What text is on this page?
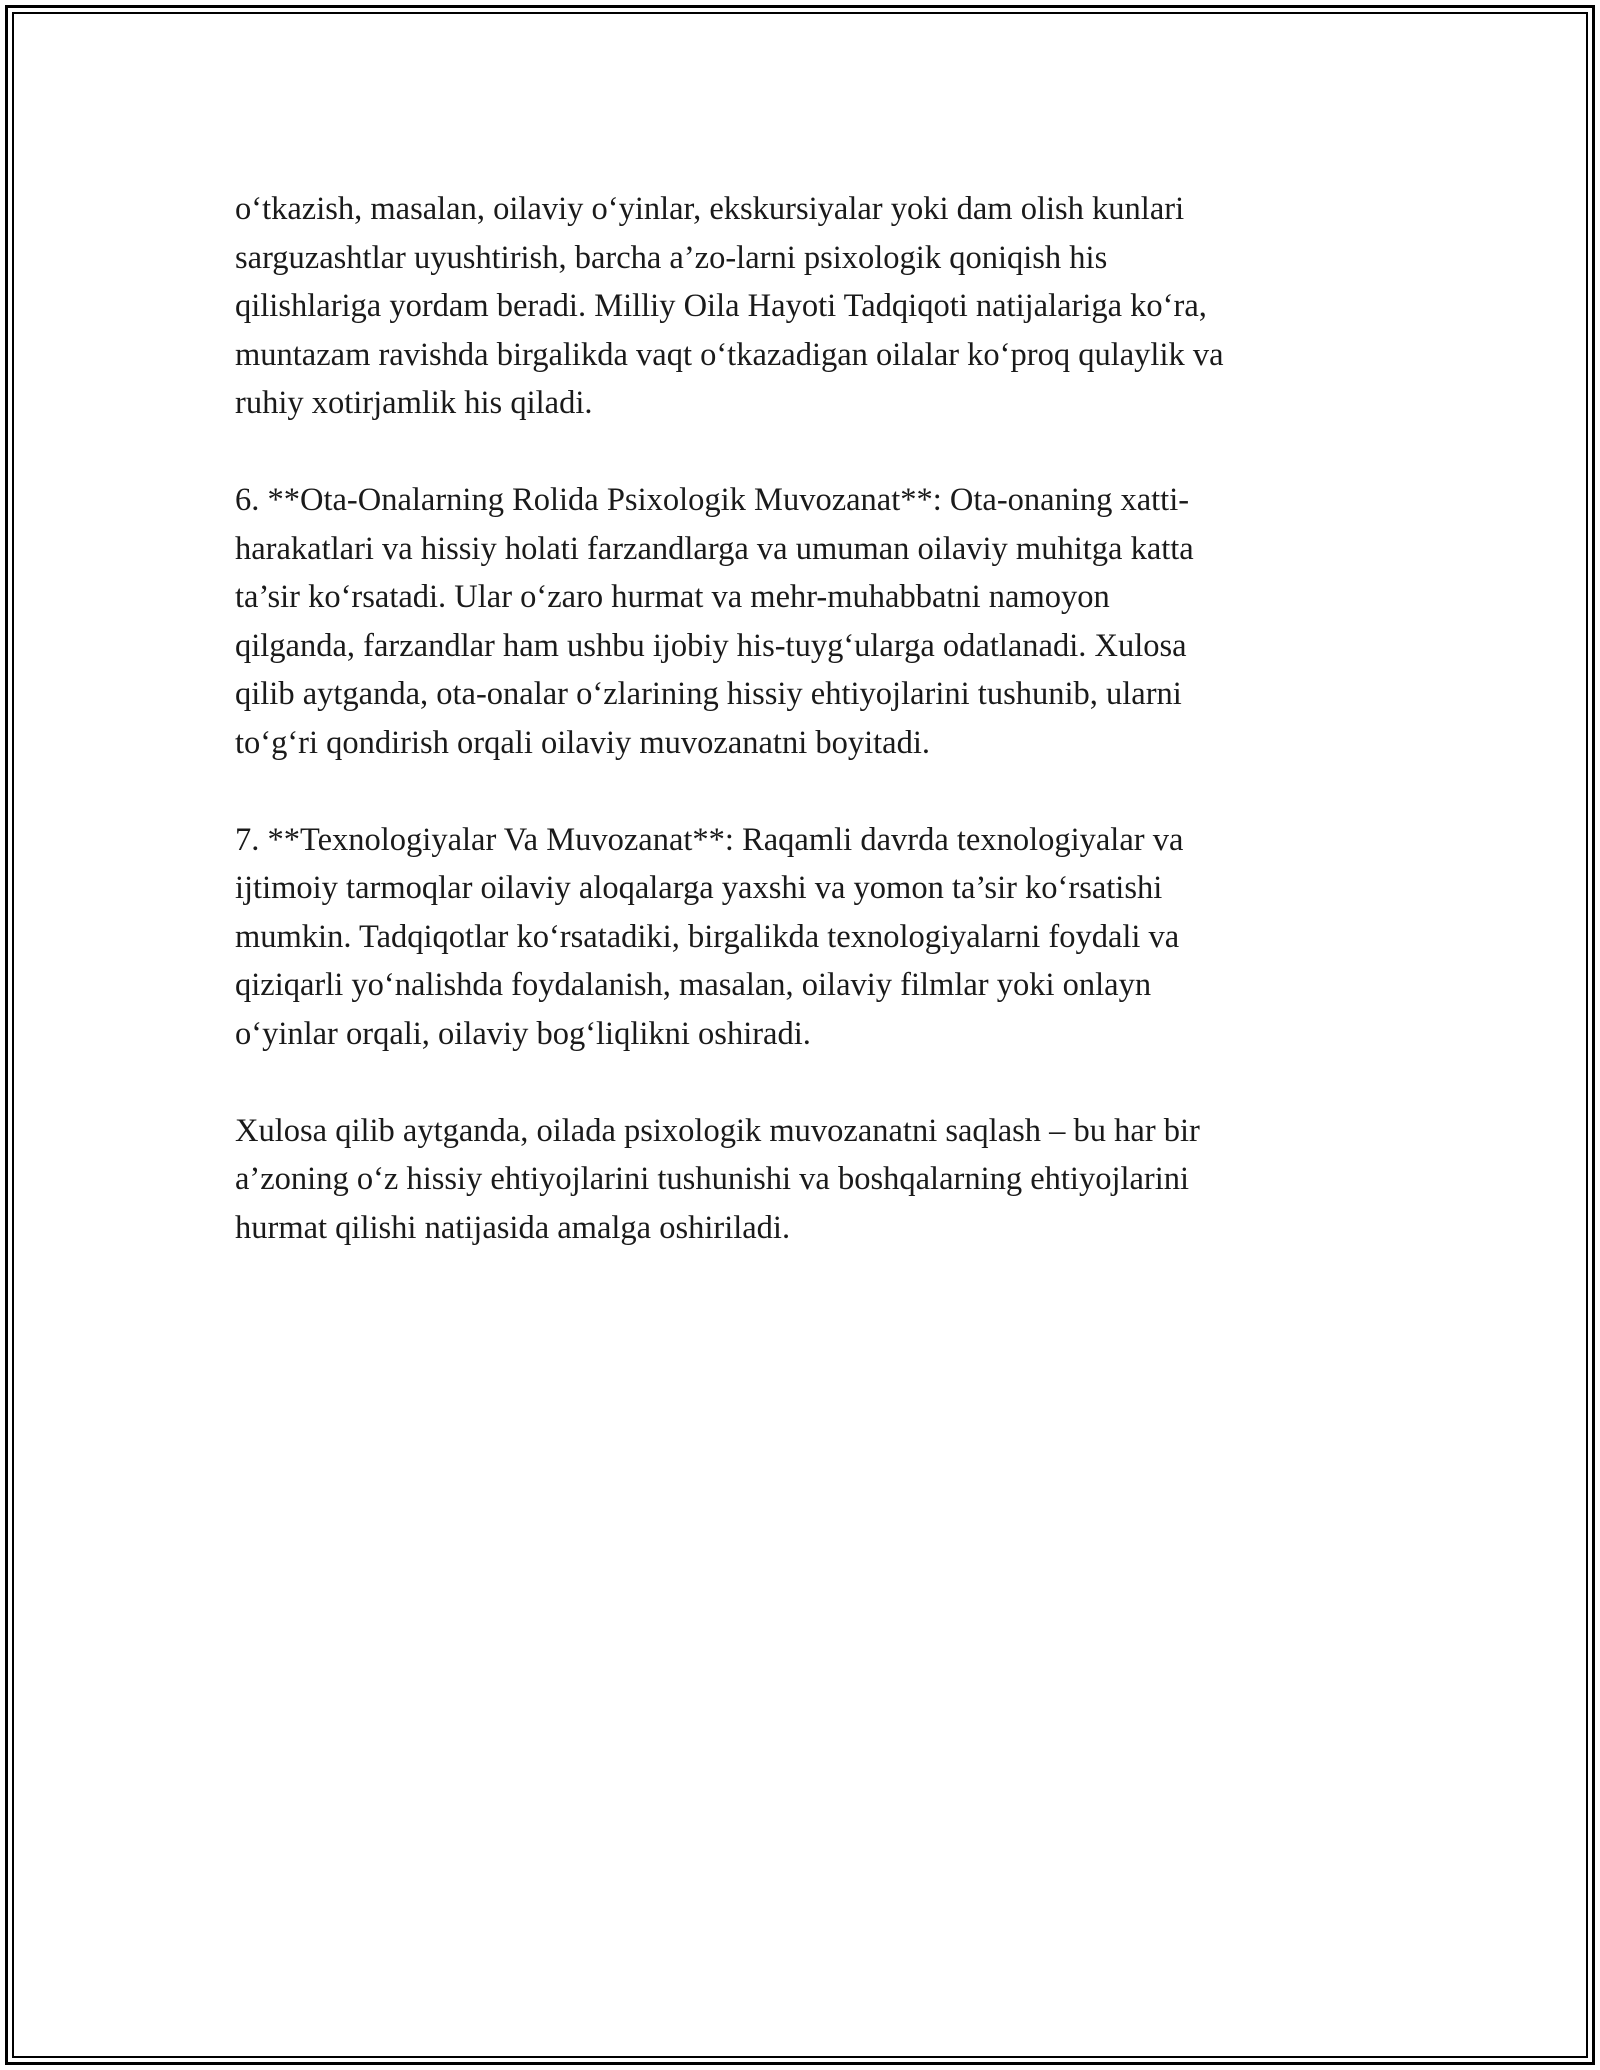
o‘tkazish, masalan, oilaviy o‘yinlar, ekskursiyalar yoki dam olish kunlari
sarguzashtlar uyushtirish, barcha a’zo-larni psixologik qoniqish his
qilishlariga yordam beradi. Milliy Oila Hayoti Tadqiqoti natijalariga ko‘ra,
muntazam ravishda birgalikda vaqt o‘tkazadigan oilalar ko‘proq qulaylik va
ruhiy xotirjamlik his qiladi.

6. **Ota-Onalarning Rolida Psixologik Muvozanat**: Ota-onaning xatti-
harakatlari va hissiy holati farzandlarga va umuman oilaviy muhitga katta
ta’sir ko‘rsatadi. Ular o‘zaro hurmat va mehr-muhabbatni namoyon
qilganda, farzandlar ham ushbu ijobiy his-tuyg‘ularga odatlanadi. Xulosa
qilib aytganda, ota-onalar o‘zlarining hissiy ehtiyojlarini tushunib, ularni
to‘g‘ri qondirish orqali oilaviy muvozanatni boyitadi.

7. **Texnologiyalar Va Muvozanat**: Raqamli davrda texnologiyalar va
ijtimoiy tarmoqlar oilaviy aloqalarga yaxshi va yomon ta’sir ko‘rsatishi
mumkin. Tadqiqotlar ko‘rsatadiki, birgalikda texnologiyalarni foydali va
qiziqarli yo‘nalishda foydalanish, masalan, oilaviy filmlar yoki onlayn
o‘yinlar orqali, oilaviy bog‘liqlikni oshiradi.

Xulosa qilib aytganda, oilada psixologik muvozanatni saqlash – bu har bir
a’zoning o‘z hissiy ehtiyojlarini tushunishi va boshqalarning ehtiyojlarini
hurmat qilishi natijasida amalga oshiriladi.
